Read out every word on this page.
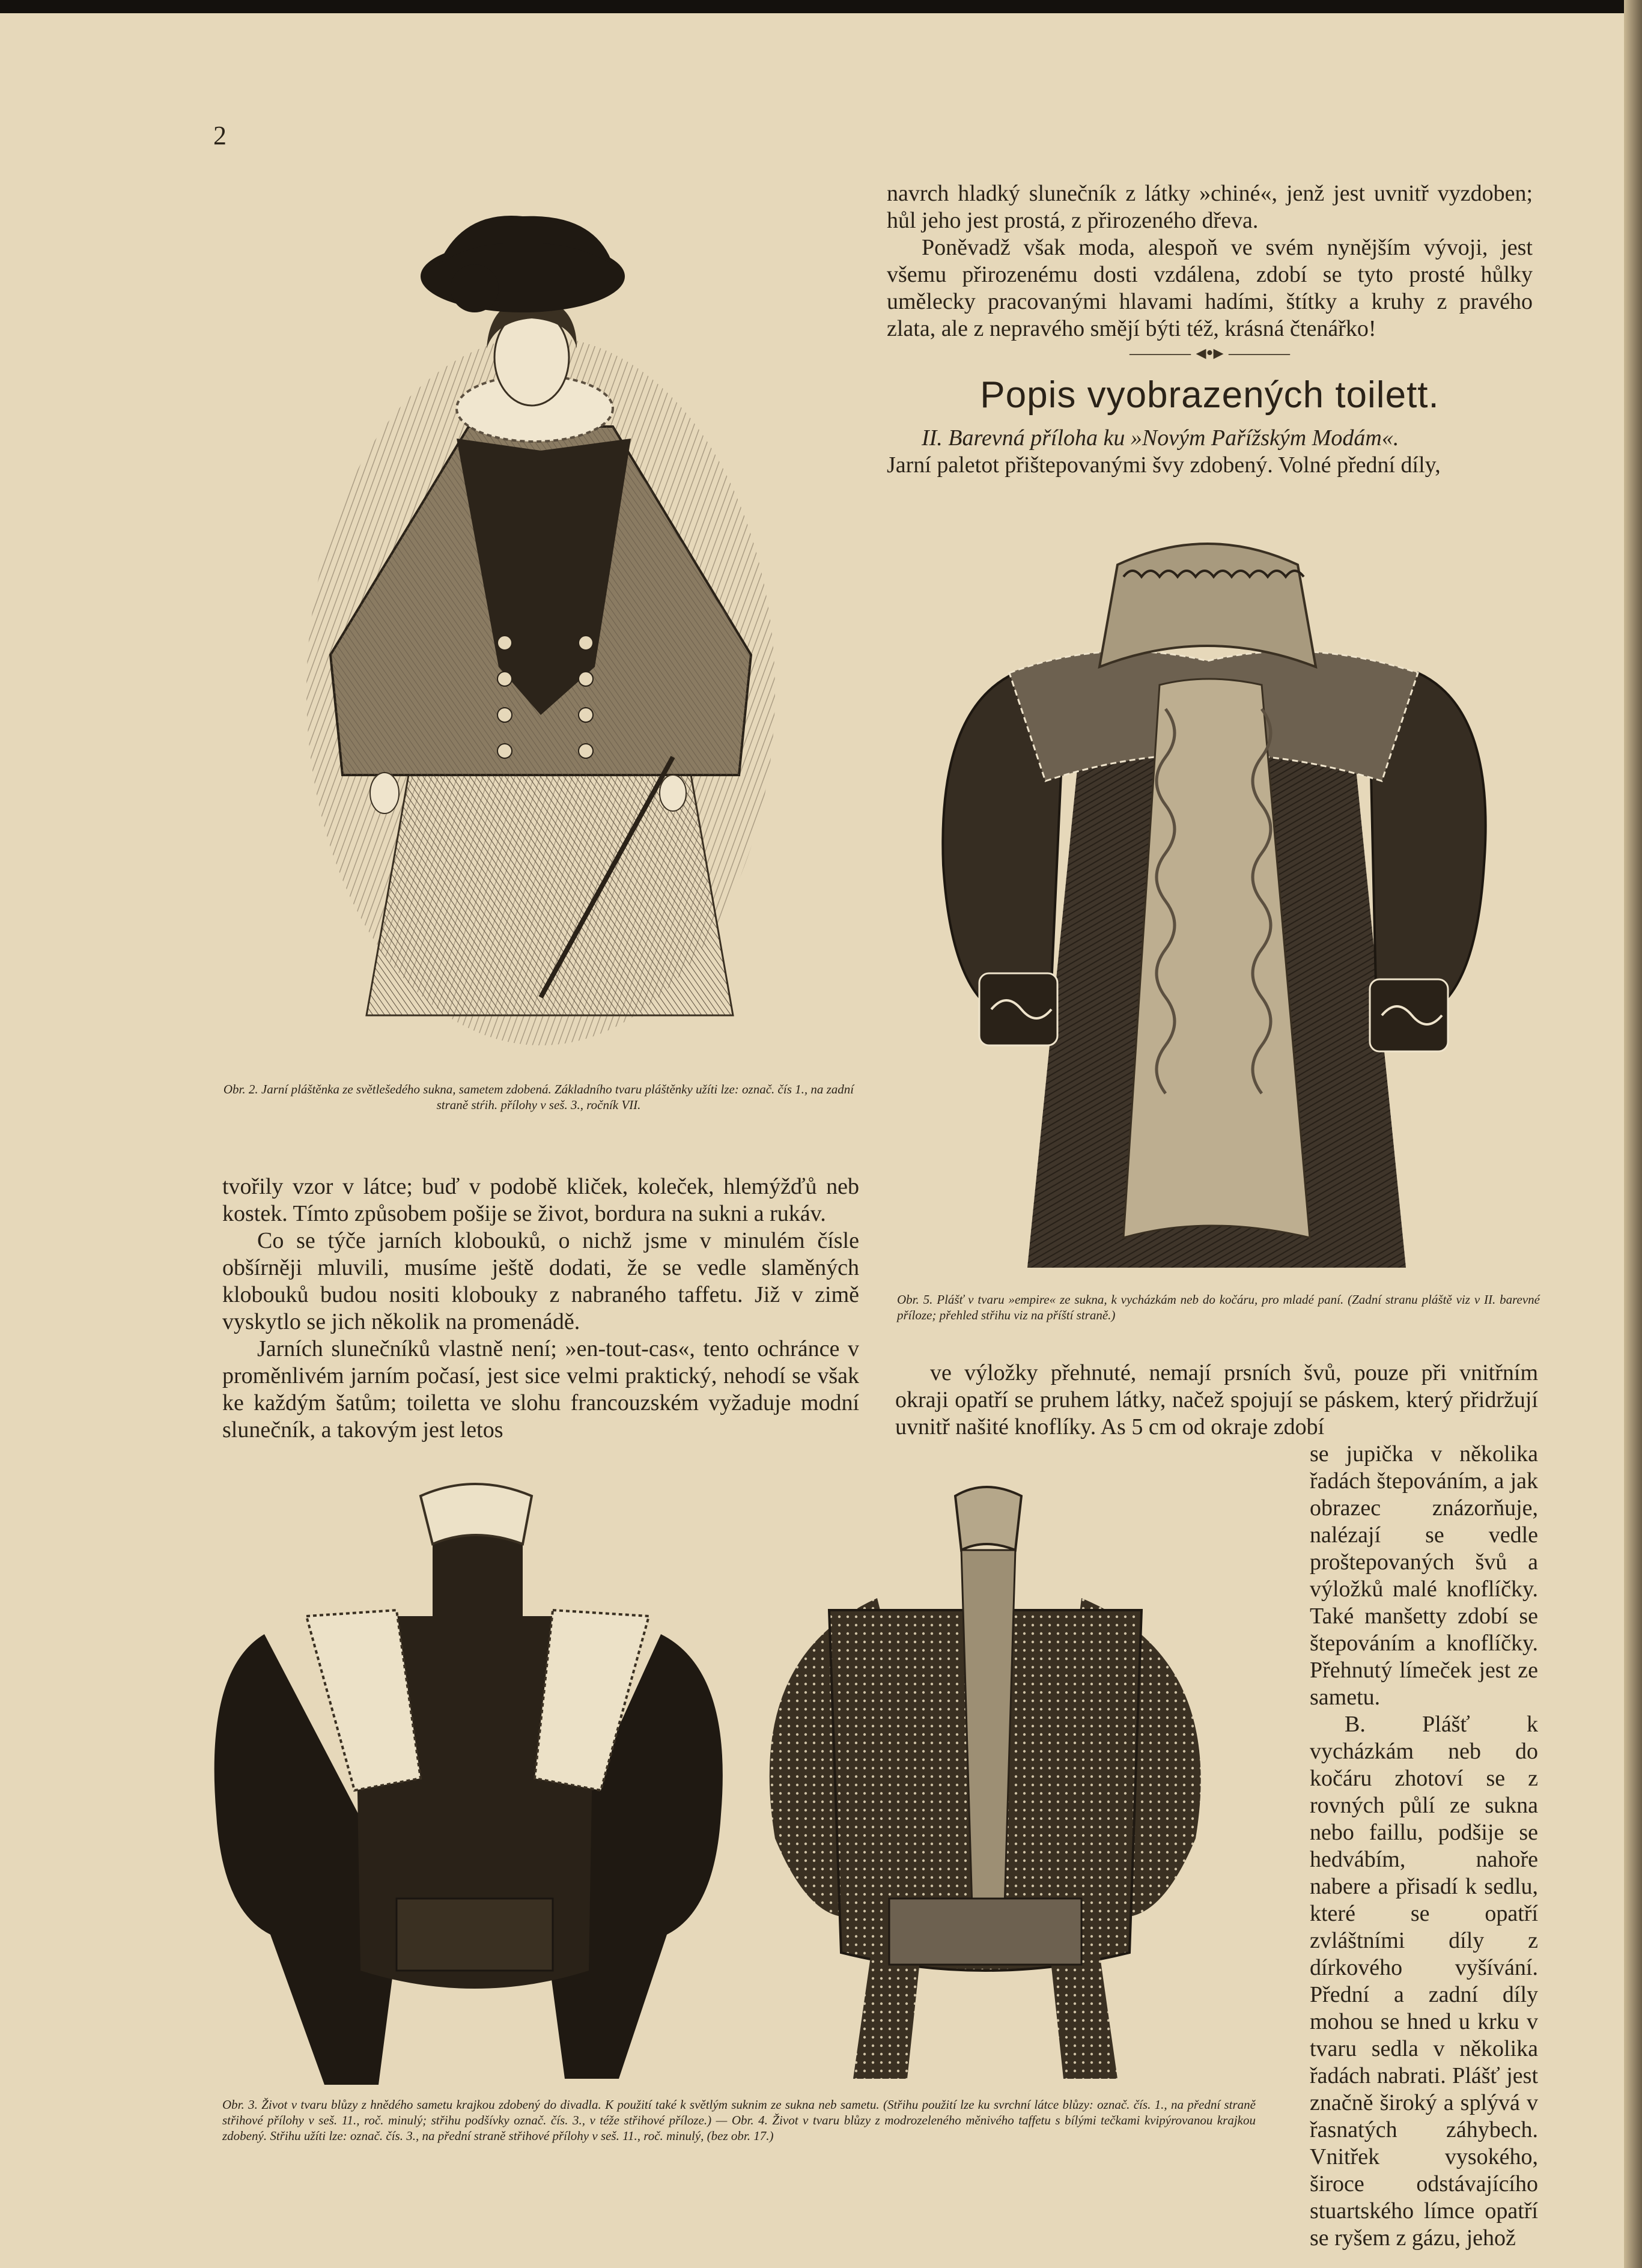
2

navrch hladký slunečník z látky »chiné«, jenž jest uvnitř vyzdoben; hůl jeho jest prostá, z přirozeného dřeva.

Poněvadž však moda, alespoň ve svém nynějším vývoji, jest všemu přirozenému dosti vzdálena, zdobí se tyto prosté hůlky umělecky pracovanými hlavami hadími, štítky a kruhy z pravého zlata, ale z nepravého smějí býti též, krásná čtenářko!

——— ◂•▸ ———
Popis vyobrazených toilett.

II. Barevná příloha ku »Novým Pařížským Modám«.

Jarní paletot přištepovanými švy zdobený. Volné přední díly,

Obr. 2. Jarní pláštěnka ze světlešedého sukna, sametem zdobená. Základního tvaru pláštěnky užíti lze: označ. čís 1., na zadní straně stŕih. přílohy v seš. 3., ročník VII.
Obr. 5. Plášť v tvaru »empire« ze sukna, k vycházkám neb do kočáru, pro mladé paní. (Zadní stranu pláště viz v II. barevné příloze; přehled střihu viz na příští straně.)

tvořily vzor v látce; buď v podobě kliček, koleček, hlemýžďů neb kostek. Tímto způsobem pošije se život, bordura na sukni a rukáv.

Co se týče jarních klobouků, o nichž jsme v minulém čísle obšírněji mluvili, musíme ještě dodati, že se vedle slaměných klobouků budou nositi klobouky z nabraného taffetu. Již v zimě vyskytlo se jich několik na promenádě.

Jarních slunečníků vlastně není; »en-tout-cas«, tento ochránce v proměnlivém jarním počasí, jest sice velmi praktický, nehodí se však ke každým šatům; toiletta ve slohu francouzském vyžaduje modní slunečník, a takovým jest letos

ve výložky přehnuté, nemají prsních švů, pouze při vnitřním okraji opatří se pruhem látky, načež spojují se páskem, který přidržují uvnitř našité knoflíky. As 5 cm od okraje zdobí

se jupička v několika řadách štepováním, a jak obrazec znázorňuje, nalézají se vedle proštepovaných švů a výložků malé knoflíčky. Také manšetty zdobí se štepováním a knoflíčky. Přehnutý límeček jest ze sametu.

B. Plášť k vycházkám neb do kočáru zhotoví se z rovných půlí ze sukna nebo faillu, podšije se hedvábím, nahoře nabere a přisadí k sedlu, které se opatří zvláštními díly z dírkového vyšívání. Přední a zadní díly mohou se hned u krku v tvaru sedla v několika řadách nabrati. Plášť jest značně široký a splývá v řasnatých záhybech. Vnitřek vysokého, široce odstávajícího stuartského límce opatří se ryšem z gázu, jehož

Obr. 3. Život v tvaru blůzy z hnědého sametu krajkou zdobený do divadla. K použití také k světlým suknim ze sukna neb sametu. (Střihu použití lze ku svrchní látce blůzy: označ. čís. 1., na přední straně střihové přílohy v seš. 11., roč. minulý; střihu podšívky označ. čís. 3., v téže střihové příloze.) — Obr. 4. Život v tvaru blůzy z modrozeleného měnivého taffetu s bílými tečkami kvipýrovanou krajkou zdobený. Střihu užíti lze: označ. čís. 3., na přední straně střihové přílohy v seš. 11., roč. minulý, (bez obr. 17.)
